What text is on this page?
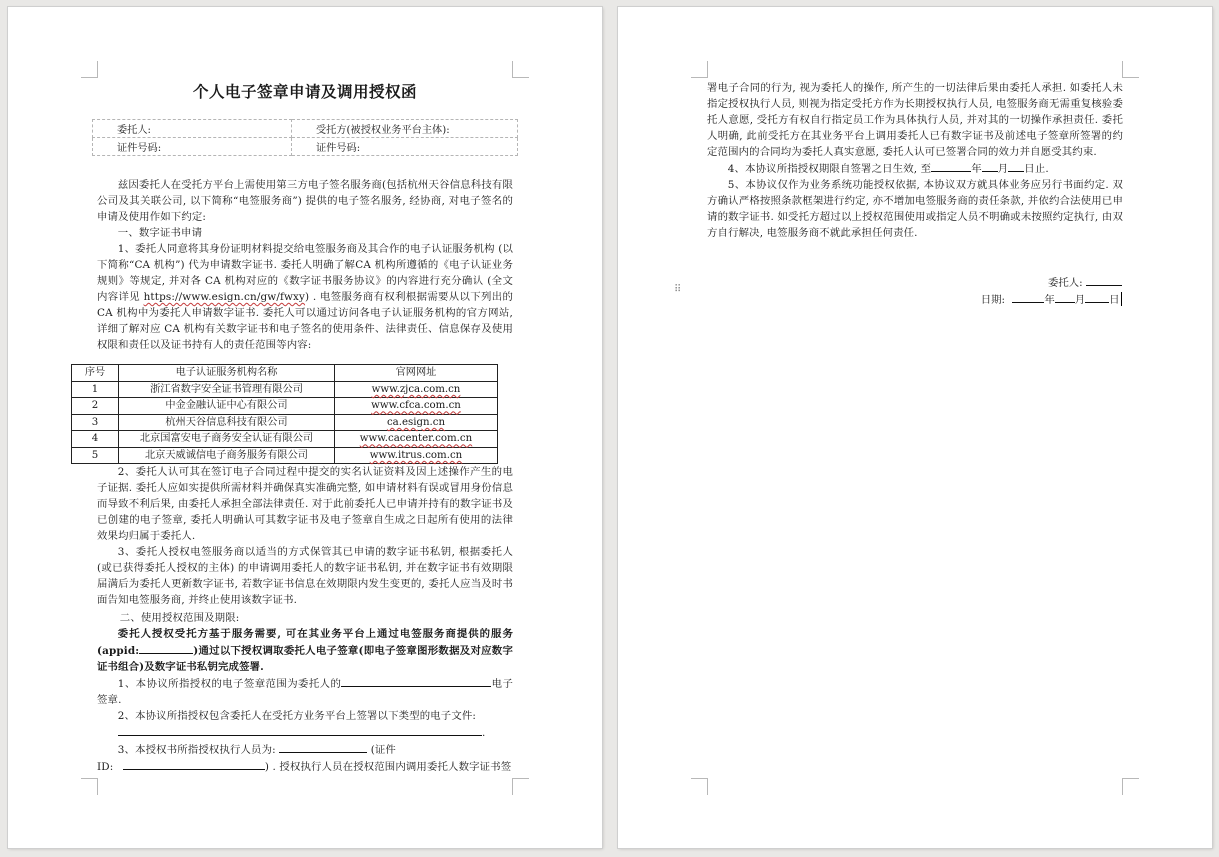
个人电子签章申请及调用授权函
委托人:	受托方(被授权业务平台主体):
证件号码:	证件号码:

兹因委托人在受托方平台上需使用第三方电子签名服务商(包括杭州天谷信息科技有限公司及其关联公司, 以下简称“电签服务商”) 提供的电子签名服务, 经协商, 对电子签名的申请及使用作如下约定:

一、数字证书申请

1、委托人同意将其身份证明材料提交给电签服务商及其合作的电子认证服务机构 (以下简称“CA 机构”) 代为申请数字证书. 委托人明确了解CA 机构所遵循的《电子认证业务规则》等规定, 并对各 CA 机构对应的《数字证书服务协议》的内容进行充分确认 (全文内容详见 https://www.esign.cn/gw/fwxy) . 电签服务商有权利根据需要从以下列出的 CA 机构中为委托人申请数字证书. 委托人可以通过访问各电子认证服务机构的官方网站, 详细了解对应 CA 机构有关数字证书和电子签名的使用条件、法律责任、信息保存及使用权限和责任以及证书持有人的责任范围等内容:

序号	电子认证服务机构名称	官网网址
1	浙江省数字安全证书管理有限公司	www.zjca.com.cn
2	中金金融认证中心有限公司	www.cfca.com.cn
3	杭州天谷信息科技有限公司	ca.esign.cn
4	北京国富安电子商务安全认证有限公司	www.cacenter.com.cn
5	北京天威诚信电子商务服务有限公司	www.itrus.com.cn

2、委托人认可其在签订电子合同过程中提交的实名认证资料及因上述操作产生的电子证据. 委托人应如实提供所需材料并确保真实准确完整, 如申请材料有误或冒用身份信息而导致不利后果, 由委托人承担全部法律责任. 对于此前委托人已申请并持有的数字证书及已创建的电子签章, 委托人明确认可其数字证书及电子签章自生成之日起所有使用的法律效果均归属于委托人.

3、委托人授权电签服务商以适当的方式保管其已申请的数字证书私钥, 根据委托人(或已获得委托人授权的主体) 的申请调用委托人的数字证书私钥, 并在数字证书有效期限届满后为委托人更新数字证书, 若数字证书信息在效期限内发生变更的, 委托人应当及时书面告知电签服务商, 并终止使用该数字证书.

二、使用授权范围及期限:

委托人授权受托方基于服务需要, 可在其业务平台上通过电签服务商提供的服务(appid:	)通过以下授权调取委托人电子签章(即电子签章图形数据及对应数字证书组合)及数字证书私钥完成签署.

1、本协议所指授权的电子签章范围为委托人的	电子签章.

2、本协议所指授权包含委托人在受托方业务平台上签署以下类型的电子文件:

.

3、本授权书所指授权执行人员为:	(证件

ID:	) . 授权执行人员在授权范围内调用委托人数字证书签

署电子合同的行为, 视为委托人的操作, 所产生的一切法律后果由委托人承担. 如委托人未指定授权执行人员, 则视为指定受托方作为长期授权执行人员, 电签服务商无需重复核验委托人意愿, 受托方有权自行指定员工作为具体执行人员, 并对其的一切操作承担责任. 委托人明确, 此前受托方在其业务平台上调用委托人已有数字证书及前述电子签章所签署的约定范围内的合同均为委托人真实意愿, 委托人认可已签署合同的效力并自愿受其约束.

4、本协议所指授权期限自签署之日生效, 至	年 月 日止.

5、本协议仅作为业务系统功能授权依据, 本协议双方就具体业务应另行书面约定. 双方确认严格按照条款框架进行约定, 亦不增加电签服务商的责任条款, 并依约合法使用已申请的数字证书. 如受托方超过以上授权范围使用或指定人员不明确或未按照约定执行, 由双方自行解决, 电签服务商不就此承担任何责任.

⠿
委托人:
日期:	年 月 日
